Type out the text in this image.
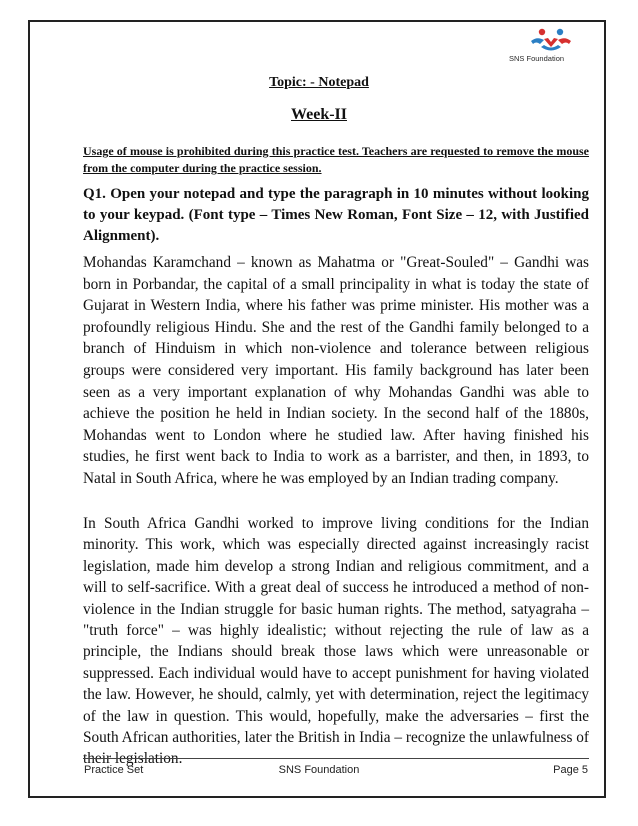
SNS Foundation
Topic: - Notepad
Week-II
Usage of mouse is prohibited during this practice test. Teachers are requested to remove the mouse from the computer during the practice session.
Q1. Open your notepad and type the paragraph in 10 minutes without looking to your keypad. (Font type – Times New Roman, Font Size – 12, with Justified Alignment).

Mohandas Karamchand – known as Mahatma or "Great-Souled" – Gandhi was born in Porbandar, the capital of a small principality in what is today the state of Gujarat in Western India, where his father was prime minister. His mother was a profoundly religious Hindu. She and the rest of the Gandhi family belonged to a branch of Hinduism in which non-violence and tolerance between religious groups were considered very important. His family background has later been seen as a very important explanation of why Mohandas Gandhi was able to achieve the position he held in Indian society. In the second half of the 1880s, Mohandas went to London where he studied law. After having finished his studies, he first went back to India to work as a barrister, and then, in 1893, to Natal in South Africa, where he was employed by an Indian trading company.

In South Africa Gandhi worked to improve living conditions for the Indian minority. This work, which was especially directed against increasingly racist legislation, made him develop a strong Indian and religious commitment, and a will to self-sacrifice. With a great deal of success he introduced a method of non-violence in the Indian struggle for basic human rights. The method, satyagraha – "truth force" – was highly idealistic; without rejecting the rule of law as a principle, the Indians should break those laws which were unreasonable or suppressed. Each individual would have to accept punishment for having violated the law. However, he should, calmly, yet with determination, reject the legitimacy of the law in question. This would, hopefully, make the adversaries – first the South African authorities, later the British in India – recognize the unlawfulness of their legislation.

Practice Set	SNS Foundation	Page 5
